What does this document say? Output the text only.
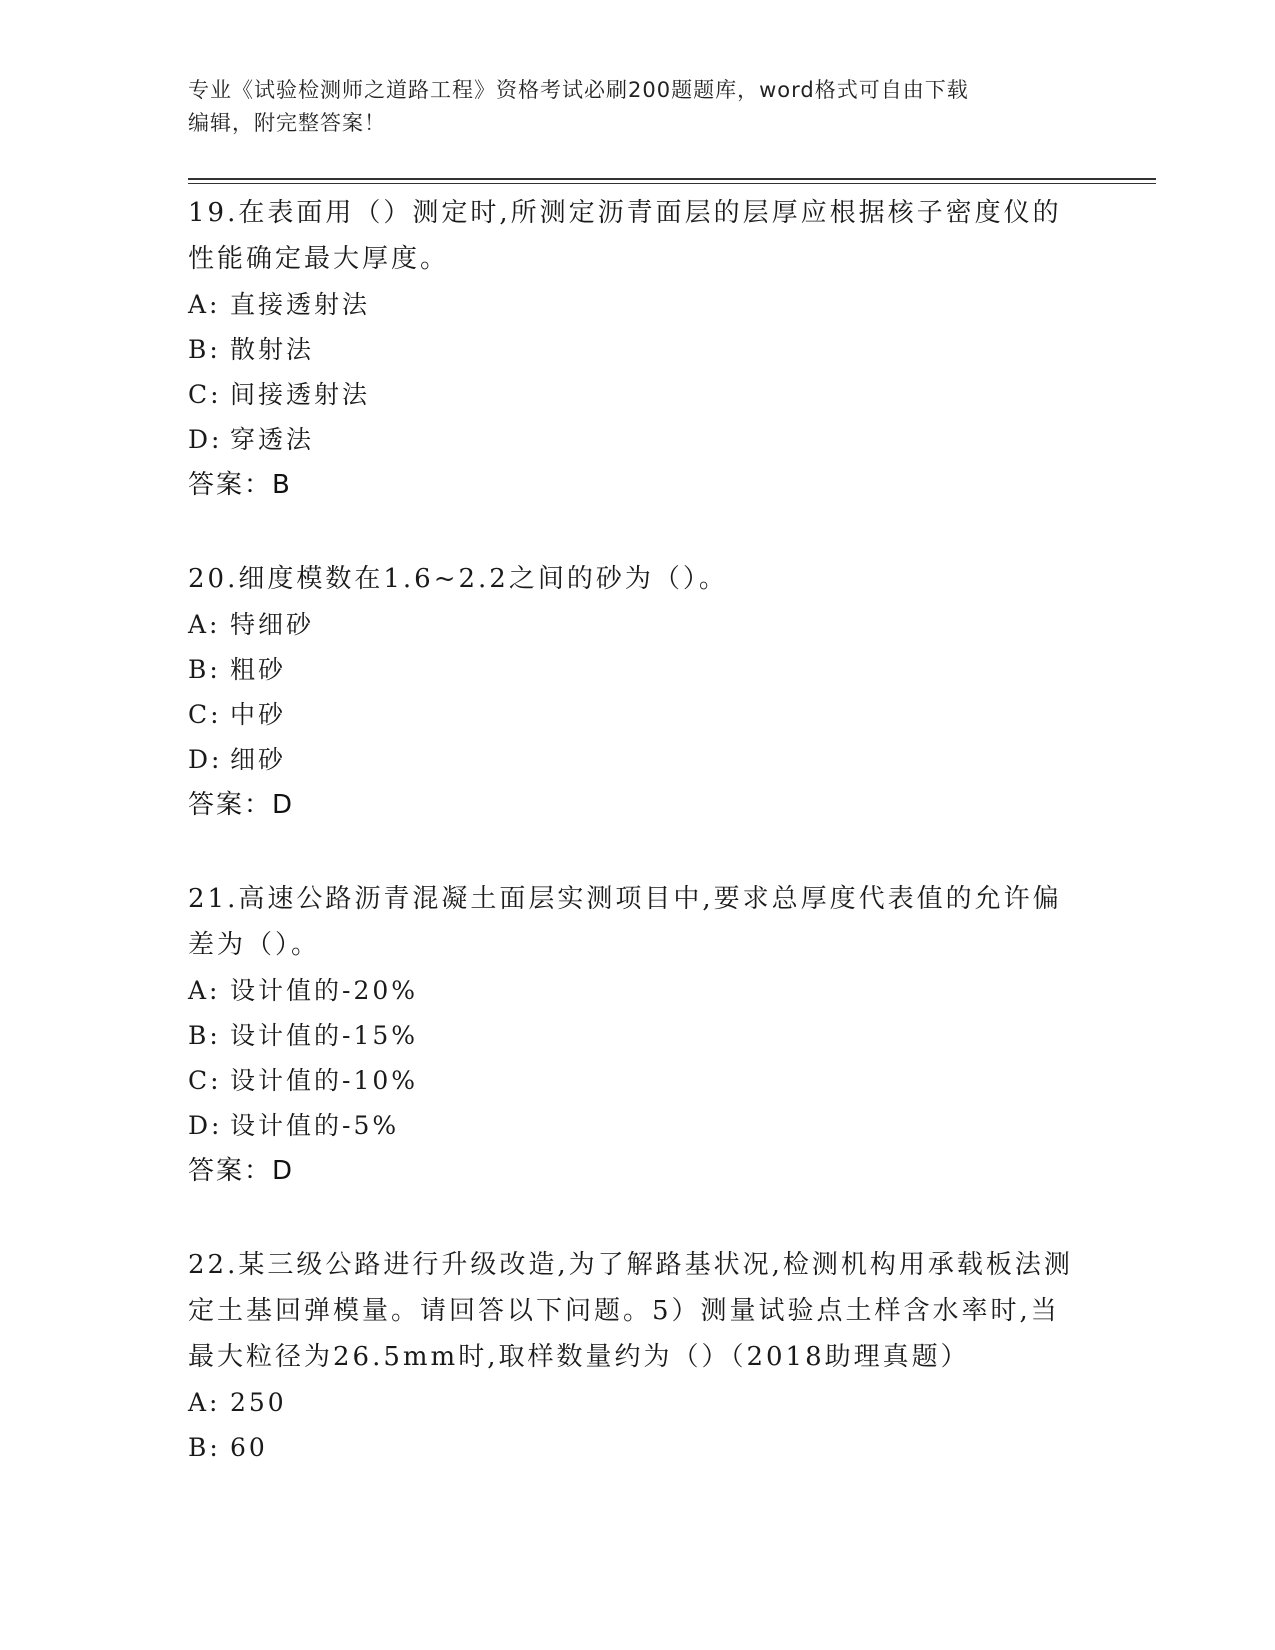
专业《试验检测师之道路工程》资格考试必刷200题题库，word格式可自由下载
编辑，附完整答案！
19.在表面用（）测定时,所测定沥青面层的层厚应根据核子密度仪的
性能确定最大厚度。
A: 直接透射法
B: 散射法
C: 间接透射法
D: 穿透法
答案：B
20.细度模数在1.6~2.2之间的砂为（）。
A: 特细砂
B: 粗砂
C: 中砂
D: 细砂
答案：D
21.高速公路沥青混凝土面层实测项目中,要求总厚度代表值的允许偏
差为（）。
A: 设计值的-20%
B: 设计值的-15%
C: 设计值的-10%
D: 设计值的-5%
答案：D
22.某三级公路进行升级改造,为了解路基状况,检测机构用承载板法测
定土基回弹模量。请回答以下问题。5）测量试验点土样含水率时,当
最大粒径为26.5mm时,取样数量约为（）（2018助理真题）
A: 250
B: 60
